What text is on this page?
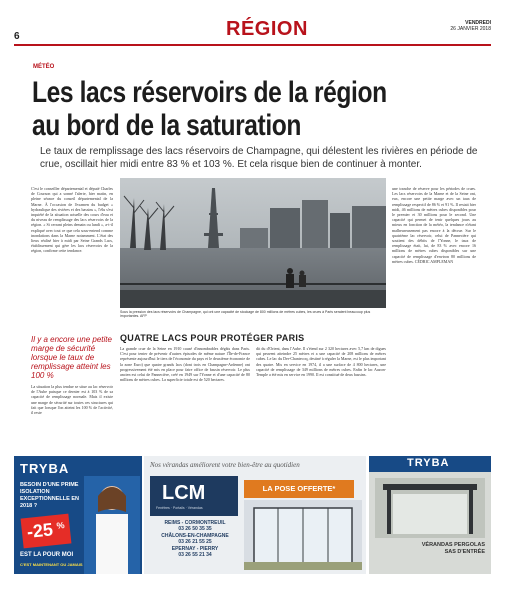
6	RÉGION	VENDREDI
26 JANVIER 2018
MÉTÉO
Les lacs réservoirs de la région au bord de la saturation
Le taux de remplissage des lacs réservoirs de Champagne, qui délestent les rivières en période de crue, oscillait hier midi entre 83 % et 103 %. Et cela risque bien de continuer à monter.
C'est le conseiller départemental et député Charles de Courson qui a sonné l'alerte, hier matin, en pleine séance du conseil départemental de la Marne. À l'occasion de l'examen du budget « hydraulique des rivières et des bassins », l'élu s'est inquiété de la situation actuelle des cours d'eau et du niveau de remplissage des lacs réservoirs de la région. « Si cerrant pleins demain ou lundi », a-t-il expliqué avec tout ce que cela sous-entend comme inondations dans la Marne notamment. L'état des lieux réalisé hier à midi par Seine Grands Lacs, établissement qui gère les lacs réservoirs de la région, confirme cette tendance.
Sous la pression des lacs réservoirs de Champagne, qui ont une capacité de stockage de 800 millions de mètres cubes, les crues à Paris seraient beaucoup plus importantes. AFP
Il y a encore une petite marge de sécurité lorsque le taux de remplissage atteint les 100 %
La situation la plus tendue se situe au lac réservoir de l'Aube puisque ce dernier est à 103 % de sa capacité de remplissage normale. Mais il existe une marge de sécurité sur toutes ces structures qui fait que lorsque l'on atteint les 100 % de l'activité, il reste
QUATRE LACS POUR PROTÉGER PARIS
La grande crue de la Seine en 1910 causé d'innombrables dégâts dans Paris. C'est pour tenter de prévenir d'autres épisodes de même nature l'Île-de-France représente aujourd'hui le tiers de l'économie du pays et le deuxième économie de la zone Euro) que quatre grands lacs (dont trois en Champagne-Ardenne) ont progressivement été mis en place pour faire office de bassin réservoir. Le plus ancien est celui de Pannecière, créé en 1949 sur l'Yonne et d'une capacité de 80 millions de mètres cubes. La superficie totale est de 520 hectares.
dit du d'Orient, dans l'Aube. Il s'étend sur 2 320 hectares avec 5,7 km de digues qui peuvent atteindre 25 mètres et a une capacité de 208 millions de mètres cubes. Le lac du Der-Chantecoq, destiné à réguler la Marne, est le plus important des quatre. Mis en service en 1974, il a une surface de 4 800 hectares, une capacité de remplissage de 349 millions de mètres cubes. Enfin le lac Auzon-Temple a été mis en service en 1990. Il est constitué de deux bassins.
une tranche de réserve pour les périodes de crues. Les lacs réservoirs de la Marne et de la Seine ont, eux, encore une petite marge avec un taux de remplissage respectif de 86 % et 91 %. Il restait hier midi, 46 millions de mètres cubes disponibles pour le premier et 30 millions pour le second. Une capacité qui permet de tenir quelques jours au mieux en fonction de la météo, la tendance n'étant malheureusement pas encore à la décrue. Sur le quatrième lac réservoir, celui de Pannecière qui soutient des débits de l'Yonne, le taux de remplissage était, lui, de 83 % avec encore 16 millions de mètres cubes disponibles sur une capacité de remplissage d'environ 80 millions de mètres cubes. CÉDRIC AMPLEMAN
TRYBA
BESOIN D'UNE PRIME ISOLATION EXCEPTIONNELLE EN 2018 ?
-25 %
EST LA POUR MOI
C'EST MAINTENANT OU JAMAIS
Nos vérandas améliorent votre bien-être au quotidien
LCM
Fenêtres · Portails · Vérandas
LA POSE OFFERTE*
REIMS - CORMONTREUIL
03 26 50 35 35
CHÂLONS-EN-CHAMPAGNE
03 26 21 55 25
EPERNAY - PIERRY
03 26 55 21 34
TRYBA
VÉRANDAS PERGOLAS SAS D'ENTRÉE
